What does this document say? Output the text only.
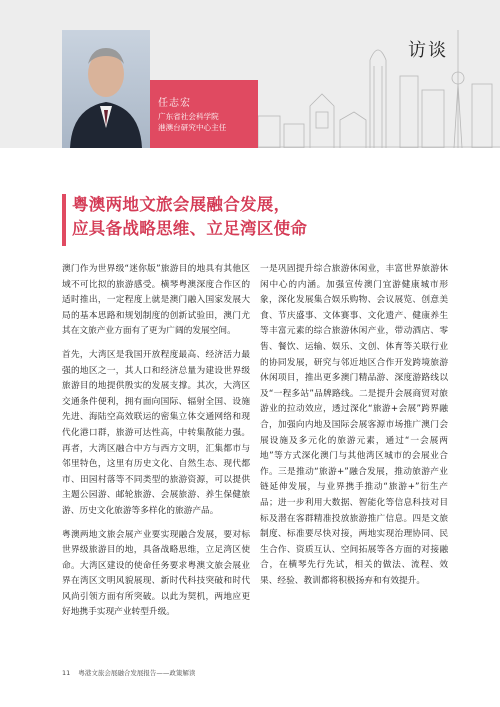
访谈
任志宏
广东省社会科学院
港澳台研究中心主任
粤澳两地文旅会展融合发展，
应具备战略思维、立足湾区使命

澳门作为世界级“迷你版”旅游目的地具有其他区域不可比拟的旅游感受。横琴粤澳深度合作区的适时推出，一定程度上就是澳门融入国家发展大局的基本思路和规划制度的创新试验田，澳门尤其在文旅产业方面有了更为广阔的发展空间。

首先，大湾区是我国开放程度最高、经济活力最强的地区之一，其人口和经济总量为建设世界级旅游目的地提供殷实的发展支撑。其次，大湾区交通条件便利，拥有面向国际、辐射全国、设施先进、海陆空高效联运的密集立体交通网络和现代化港口群，旅游可达性高，中转集散能力强。再者，大湾区融合中方与西方文明，汇集都市与邻里特色，这里有历史文化、自然生态、现代都市、田园村落等不同类型的旅游资源，可以提供主题公园游、邮轮旅游、会展旅游、养生保健旅游、历史文化旅游等多样化的旅游产品。

粤澳两地文旅会展产业要实现融合发展，要对标世界级旅游目的地，具备战略思维，立足湾区使命。大湾区建设的使命任务要求粤澳文旅会展业界在湾区文明风貌展现、新时代科技突破和时代风尚引领方面有所突破。以此为契机，两地应更好地携手实现产业转型升级。

一是巩固提升综合旅游休闲业，丰富世界旅游休闲中心的内涵。加强宣传澳门宜游健康城市形象，深化发展集合娱乐购物、会议展览、创意美食、节庆盛事、文体赛事、文化遗产、健康养生等丰富元素的综合旅游休闲产业，带动酒店、零售、餐饮、运输、娱乐、文创、体育等关联行业的协同发展，研究与邻近地区合作开发跨境旅游休闲项目，推出更多澳门精品游、深度游路线以及“一程多站”品牌路线。二是提升会展商贸对旅游业的拉动效应，透过深化“旅游+会展”跨界融合，加强向内地及国际会展客源市场推广澳门会展设施及多元化的旅游元素，通过“一会展两地”等方式深化澳门与其他湾区城市的会展业合作。三是推动“旅游+”融合发展，推动旅游产业链延伸发展，与业界携手推动“旅游+”衍生产品；进一步利用大数据、智能化等信息科技对目标及潜在客群精准投放旅游推广信息。四是文旅制度、标准要尽快对接，两地实现治理协同、民生合作、资质互认、空间拓展等各方面的对接融合，在横琴先行先试，相关的做法、流程、效果、经验、教训都将积极扬弃和有效提升。

11 粤港文旅会展融合发展报告——政策解读
